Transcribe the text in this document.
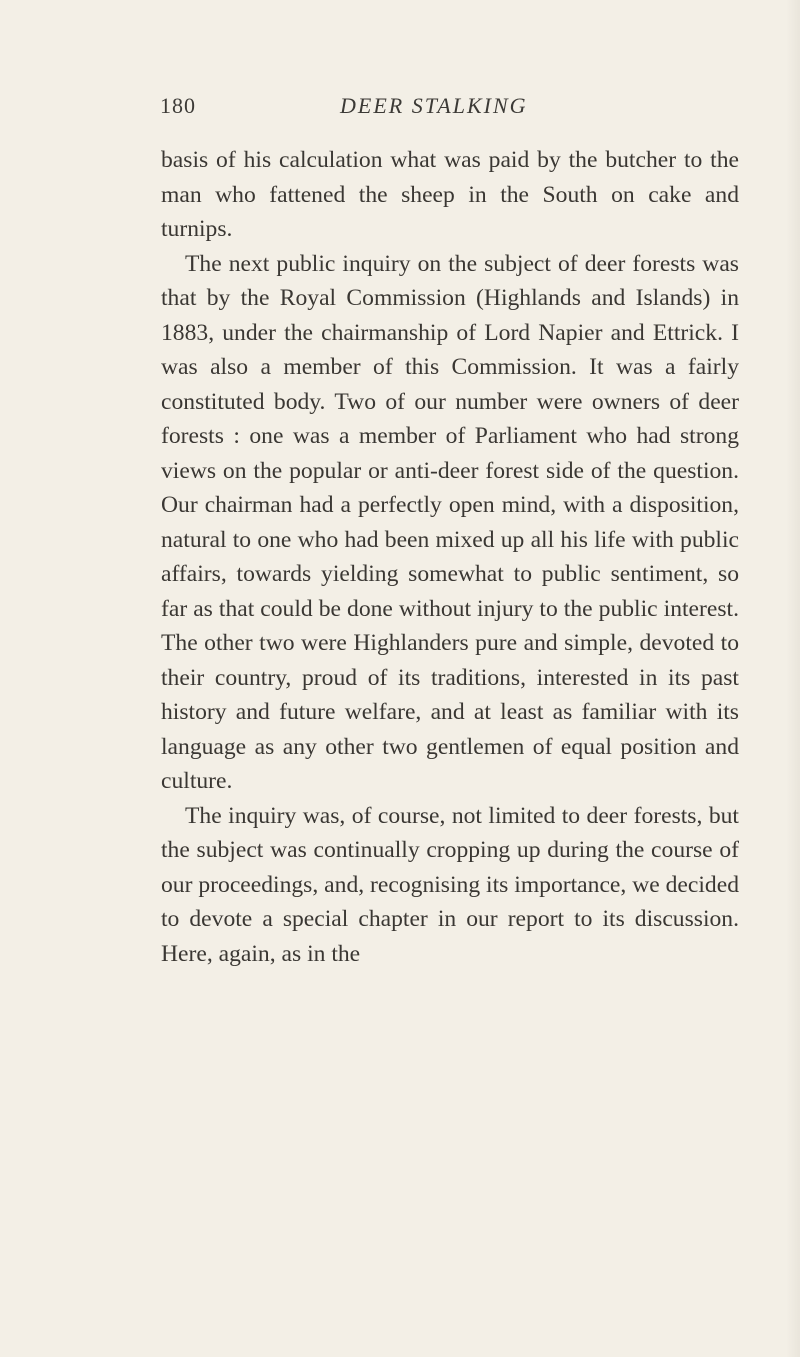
180	DEER STALKING

basis of his calculation what was paid by the butcher to the man who fattened the sheep in the South on cake and turnips.

The next public inquiry on the subject of deer forests was that by the Royal Commission (Highlands and Islands) in 1883, under the chairmanship of Lord Napier and Ettrick. I was also a member of this Commission. It was a fairly constituted body. Two of our number were owners of deer forests : one was a member of Parliament who had strong views on the popular or anti-deer forest side of the question. Our chairman had a perfectly open mind, with a disposition, natural to one who had been mixed up all his life with public affairs, towards yielding somewhat to public sentiment, so far as that could be done without injury to the public interest. The other two were Highlanders pure and simple, devoted to their country, proud of its traditions, interested in its past history and future welfare, and at least as familiar with its language as any other two gentlemen of equal position and culture.

The inquiry was, of course, not limited to deer forests, but the subject was continually cropping up during the course of our proceedings, and, recognising its importance, we decided to devote a special chapter in our report to its discussion. Here, again, as in the
